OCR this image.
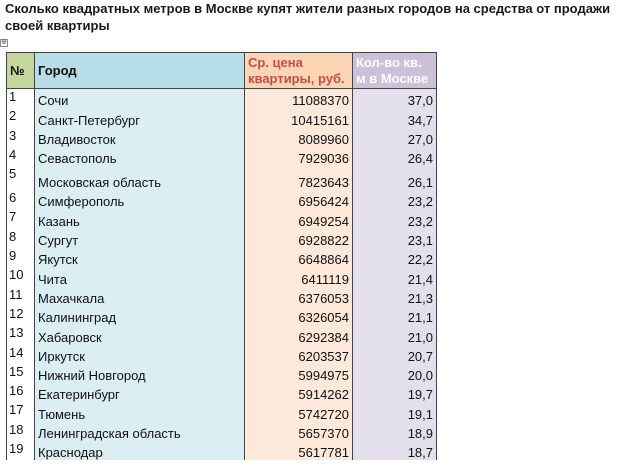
Сколько квадратных метров в Москве купят жители разных городов на средства от продажи своей квартиры
⊕
№	Город	Ср. цена квартиры, руб.	Кол-во кв. м в Москве
1	Сочи	11088370	37,0
2	Санкт-Петербург	10415161	34,7
3	Владивосток	8089960	27,0
4	Севастополь	7929036	26,4
5	Московская область	7823643	26,1
6	Симферополь	6956424	23,2
7	Казань	6949254	23,2
8	Сургут	6928822	23,1
9	Якутск	6648864	22,2
10	Чита	6411119	21,4
11	Махачкала	6376053	21,3
12	Калининград	6326054	21,1
13	Хабаровск	6292384	21,0
14	Иркутск	6203537	20,7
15	Нижний Новгород	5994975	20,0
16	Екатеринбург	5914262	19,7
17	Тюмень	5742720	19,1
18	Ленинградская область	5657370	18,9
19	Краснодар	5617781	18,7
